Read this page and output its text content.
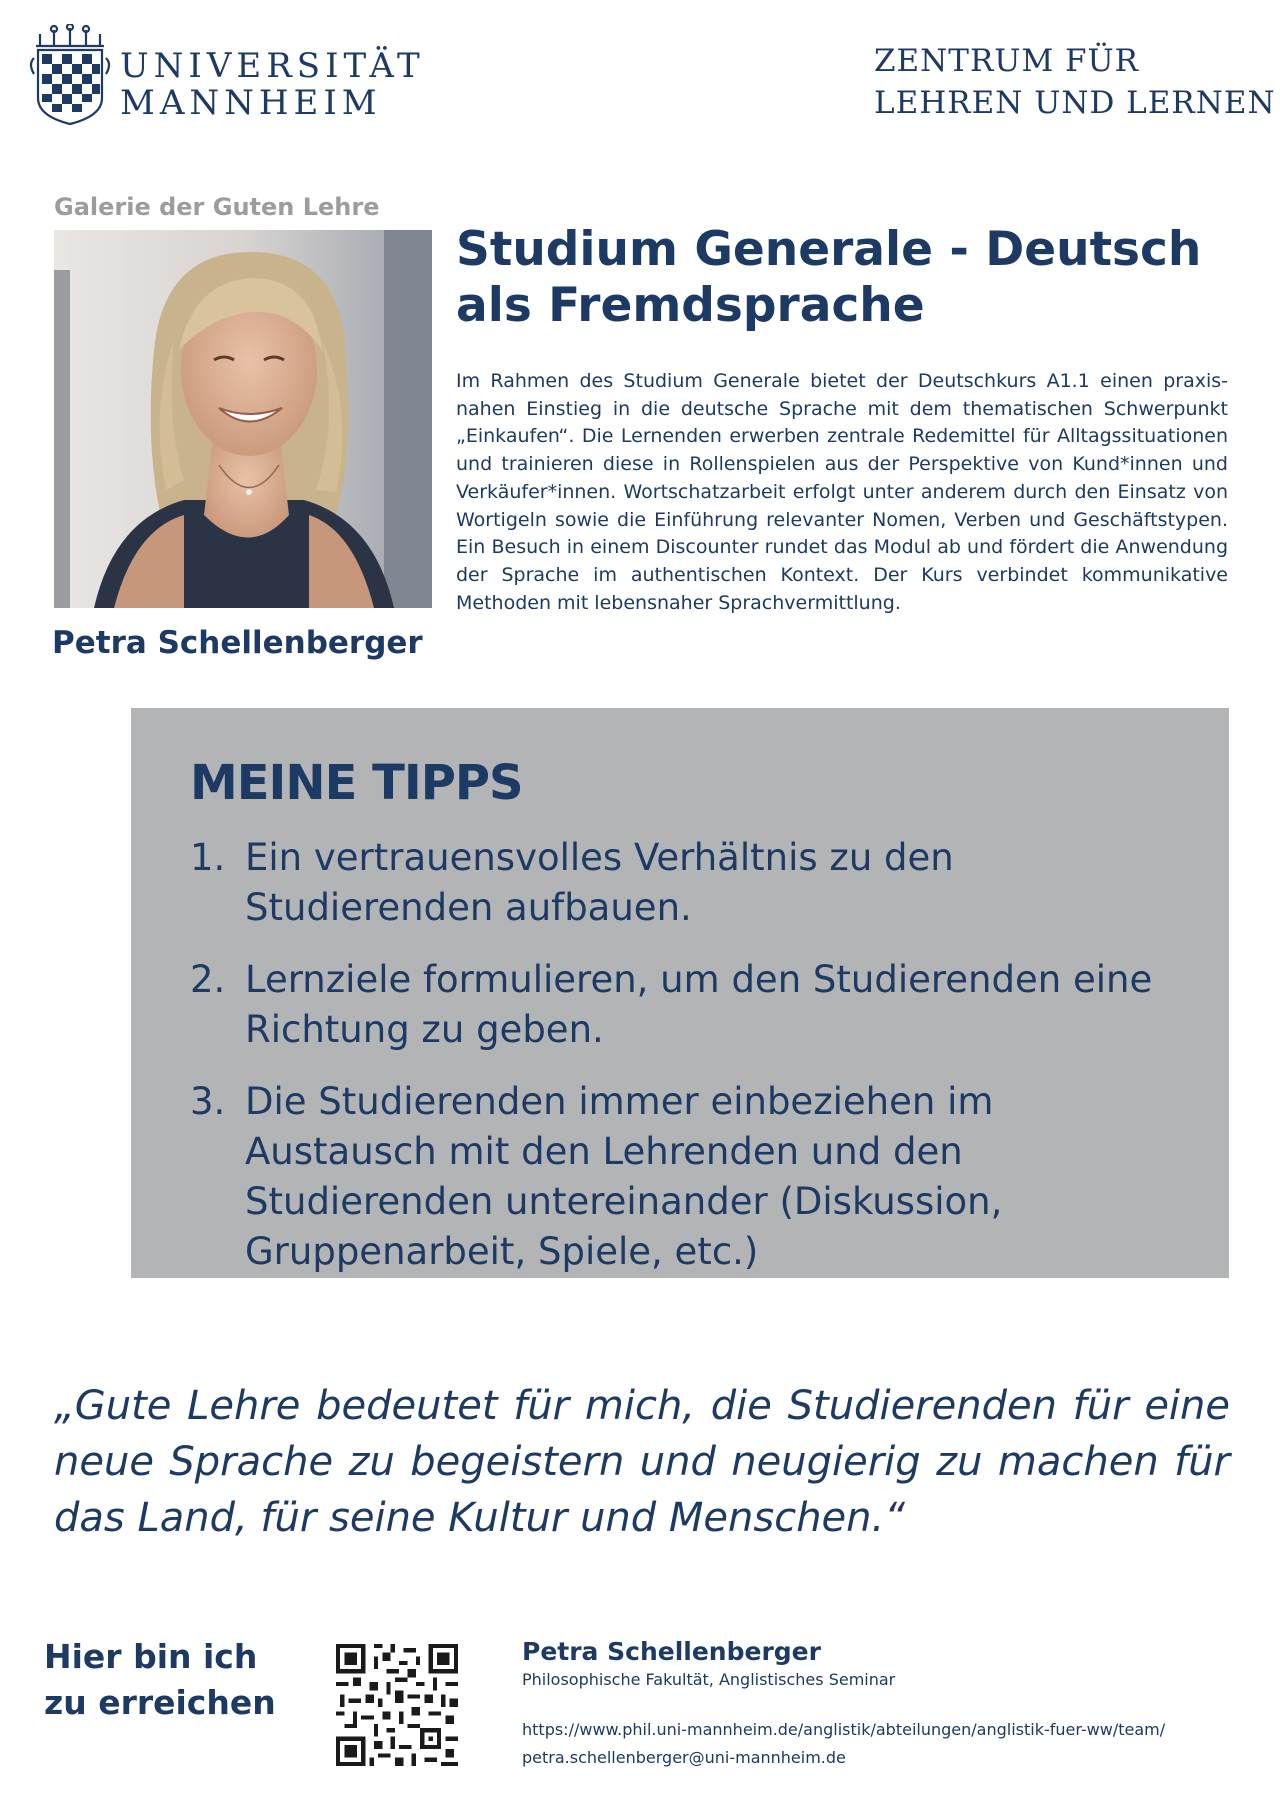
UNIVERSITÄT
MANNHEIM
ZENTRUM FÜR
LEHREN UND LERNEN
Galerie der Guten Lehre
Petra Schellenberger
Studium Generale - Deutsch als Fremdsprache
Im Rahmen des Studium Generale bietet der Deutschkurs A1.1 einen praxisnahen Einstieg in die deutsche Sprache mit dem thematischen Schwerpunkt „Einkaufen“. Die Lernenden erwerben zentrale Redemittel für Alltagssituationen und trainieren diese in Rollenspielen aus der Perspektive von Kund*innen und Verkäufer*innen. Wortschatzarbeit erfolgt unter anderem durch den Einsatz von Wortigeln sowie die Einführung relevanter Nomen, Verben und Geschäftstypen. Ein Besuch in einem Discounter rundet das Modul ab und fördert die Anwendung der Sprache im authentischen Kontext. Der Kurs verbindet kommunikative Methoden mit lebensnaher Sprachvermittlung.
MEINE TIPPS
1. Ein vertrauensvolles Verhältnis zu den Studierenden aufbauen.
2. Lernziele formulieren, um den Studierenden eine Richtung zu geben.
3. Die Studierenden immer einbeziehen im Austausch mit den Lehrenden und den Studierenden untereinander (Diskussion, Gruppenarbeit, Spiele, etc.)
„Gute Lehre bedeutet für mich, die Studierenden für eine neue Sprache zu begeistern und neugierig zu machen für das Land, für seine Kultur und Menschen.“
Hier bin ich
zu erreichen
Petra Schellenberger
Philosophische Fakultät, Anglistisches Seminar
https://www.phil.uni-mannheim.de/anglistik/abteilungen/anglistik-fuer-ww/team/
petra.schellenberger@uni-mannheim.de
